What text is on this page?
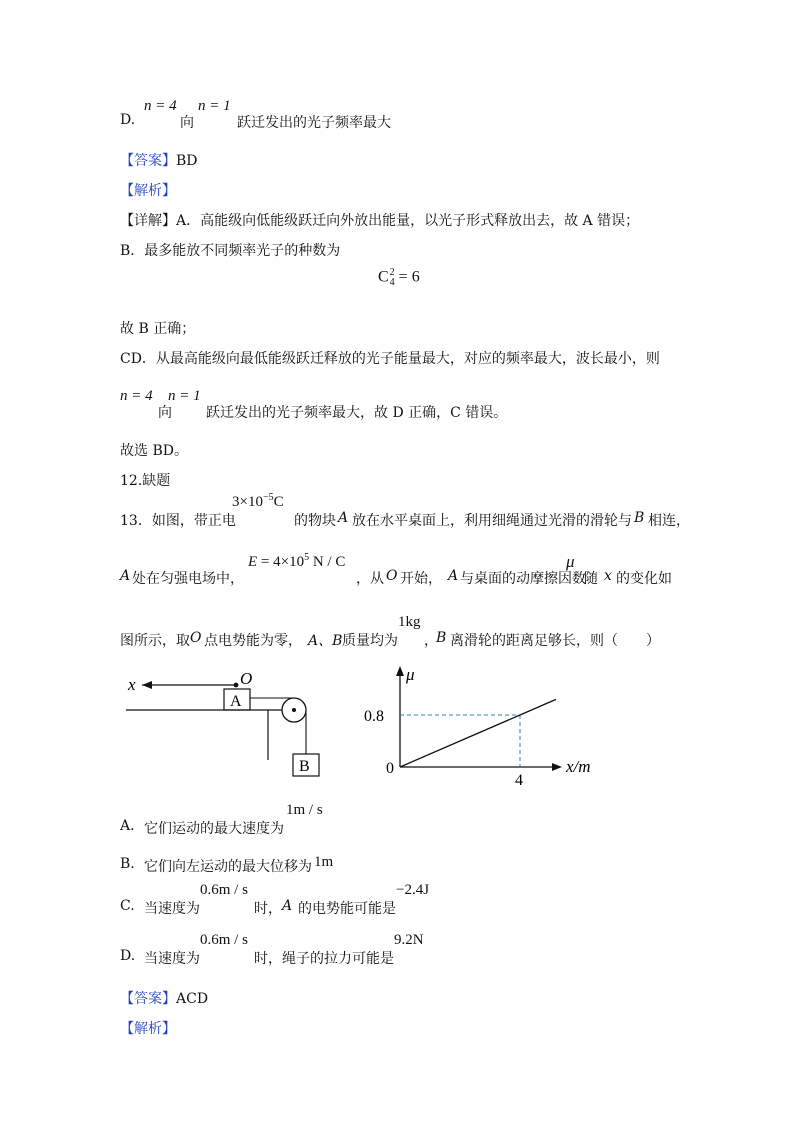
D.
n = 4
向
n = 1
跃迁发出的光子频率最大
【答案】BD
【解析】
【详解】A．高能级向低能级跃迁向外放出能量，以光子形式释放出去，故 A 错误；
B．最多能放不同频率光子的种数为
C 2
4 = 6
故 B 正确；
CD．从最高能级向最低能级跃迁释放的光子能量最大，对应的频率最大，波长最小，则
n = 4
向
n = 1
跃迁发出的光子频率最大，故 D 正确，C 错误。
故选 BD。
12.缺题
13．如图，带正电
$3\times 10^{-5}C$
的物块 A 放在水平桌面上，利用细绳通过光滑的滑轮与 B 相连，
A 处在匀强电场中，
$E = 4\times 10^5$ N / C
，从 O 开始， A 与桌面的动摩擦因数
μ
随 x 的变化如
图所示，取 O 点电势能为零， A、B 质量均为
1kg
，
B 离滑轮的距离足够长，则（　　）
x	O
A
B	x/m
μ
0
0.8
4
A. 它们运动的最大速度为
1m / s
B. 它们向左运动的最大位移为 1m
C. 当速度为
0.6m / s
时， A 的电势能可能是
−2.4J
D. 当速度为
0.6m / s
时，绳子的拉力可能是
9.2N
【答案】ACD
【解析】
